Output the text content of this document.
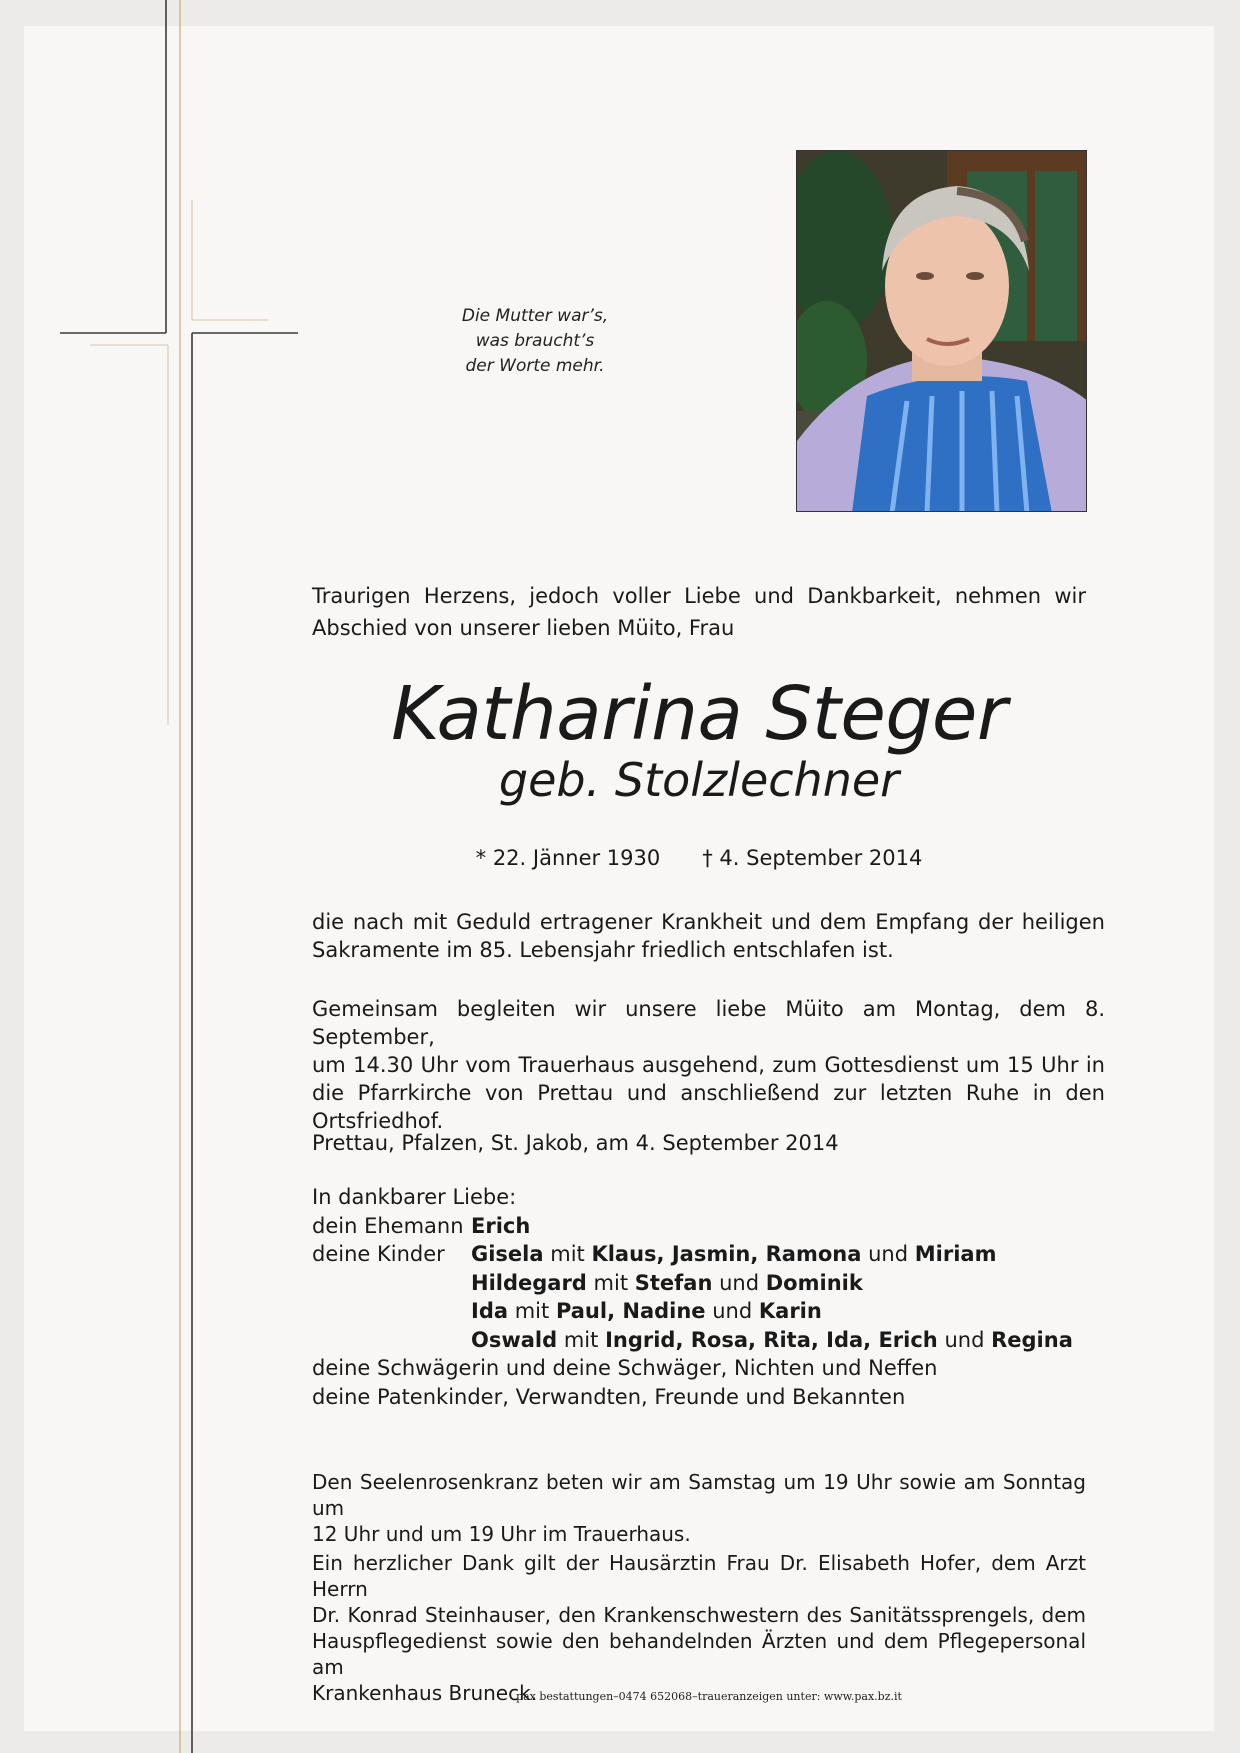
Die Mutter war’s,
was braucht’s
der Worte mehr.
Traurigen Herzens, jedoch voller Liebe und Dankbarkeit, nehmen wir
Abschied von unserer lieben Müito, Frau
Katharina Steger
geb. Stolzlechner
* 22. Jänner 1930 † 4. September 2014
die nach mit Geduld ertragener Krankheit und dem Empfang der heiligen
Sakramente im 85. Lebensjahr friedlich entschlafen ist.
Gemeinsam begleiten wir unsere liebe Müito am Montag, dem 8. September,
um 14.30 Uhr vom Trauerhaus ausgehend, zum Gottesdienst um 15 Uhr in
die Pfarrkirche von Prettau und anschließend zur letzten Ruhe in den
Ortsfriedhof.
Prettau, Pfalzen, St. Jakob, am 4. September 2014
In dankbarer Liebe:
dein Ehemann Erich
deine Kinder Gisela mit Klaus, Jasmin, Ramona und Miriam
Hildegard mit Stefan und Dominik
Ida mit Paul, Nadine und Karin
Oswald mit Ingrid, Rosa, Rita, Ida, Erich und Regina
deine Schwägerin und deine Schwäger, Nichten und Neffen
deine Patenkinder, Verwandten, Freunde und Bekannten
Den Seelenrosenkranz beten wir am Samstag um 19 Uhr sowie am Sonntag um
12 Uhr und um 19 Uhr im Trauerhaus.
Ein herzlicher Dank gilt der Hausärztin Frau Dr. Elisabeth Hofer, dem Arzt Herrn
Dr. Konrad Steinhauser, den Krankenschwestern des Sanitätssprengels, dem
Hauspflegedienst sowie den behandelnden Ärzten und dem Pflegepersonal am
Krankenhaus Bruneck.
pax bestattungen–0474 652068–traueranzeigen unter: www.pax.bz.it
